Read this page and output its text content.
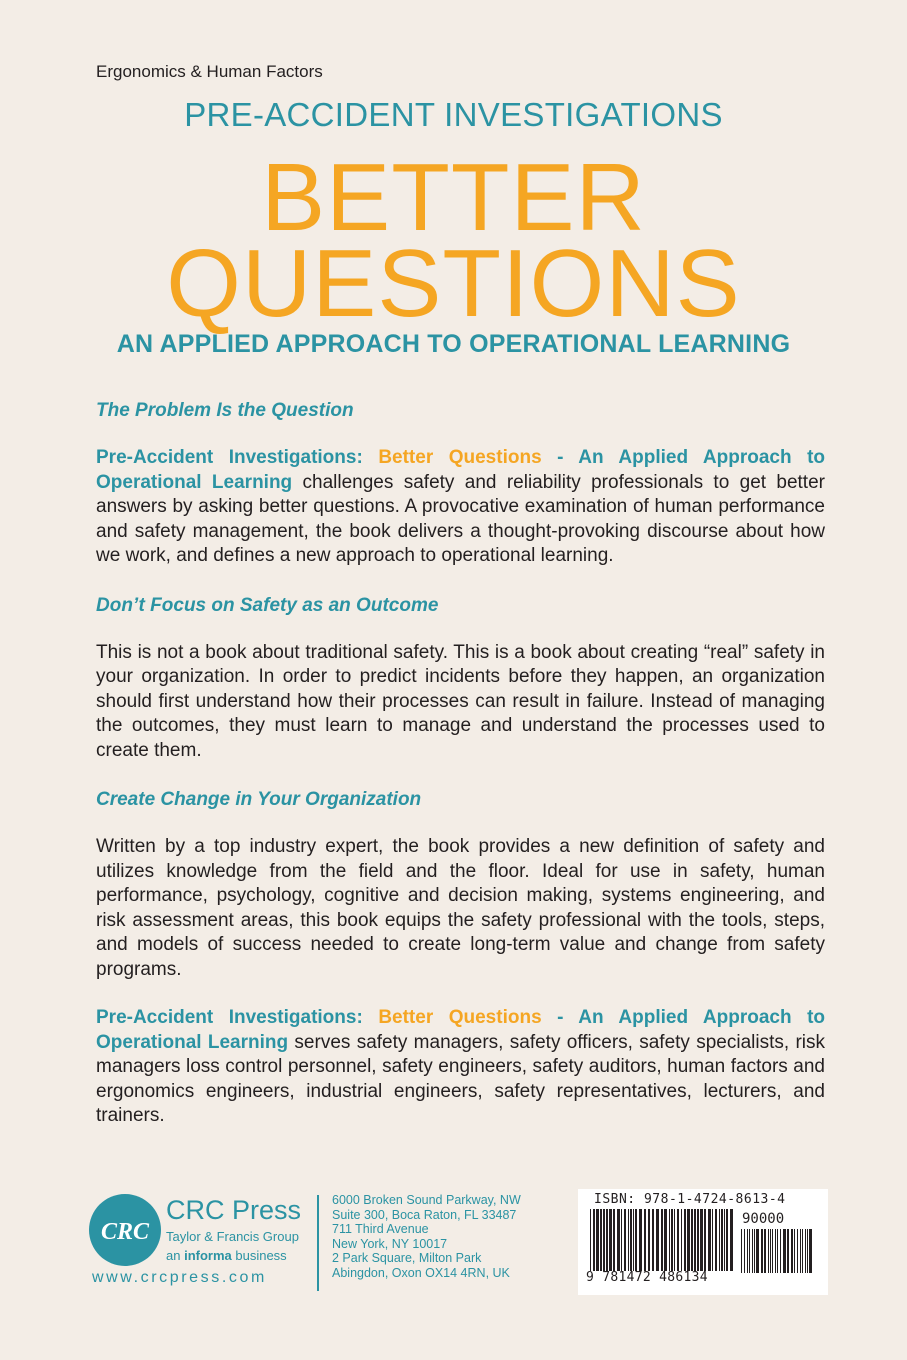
Ergonomics & Human Factors
PRE-ACCIDENT INVESTIGATIONS
BETTER
QUESTIONS
AN APPLIED APPROACH TO OPERATIONAL LEARNING
The Problem Is the Question
Pre-Accident Investigations: Better Questions - An Applied Approach to Operational Learning challenges safety and reliability professionals to get better answers by asking better questions. A provocative examination of human performance and safety management, the book delivers a thought-provoking discourse about how we work, and defines a new approach to operational learning.
Don’t Focus on Safety as an Outcome
This is not a book about traditional safety. This is a book about creating “real” safety in your organization. In order to predict incidents before they happen, an organization should first understand how their processes can result in failure. Instead of managing the outcomes, they must learn to manage and understand the processes used to create them.
Create Change in Your Organization
Written by a top industry expert, the book provides a new definition of safety and utilizes knowledge from the field and the floor. Ideal for use in safety, human performance, psychology, cognitive and decision making, systems engineering, and risk assessment areas, this book equips the safety professional with the tools, steps, and models of success needed to create long-term value and change from safety programs.
Pre-Accident Investigations: Better Questions - An Applied Approach to Operational Learning serves safety managers, safety officers, safety specialists, risk managers loss control personnel, safety engineers, safety auditors, human factors and ergonomics engineers, industrial engineers, safety representatives, lecturers, and trainers.
CRC
CRC Press
Taylor & Francis Group
an informa business
www.crcpress.com
6000 Broken Sound Parkway, NW
Suite 300, Boca Raton, FL 33487
711 Third Avenue
New York, NY 10017
2 Park Square, Milton Park
Abingdon, Oxon OX14 4RN, UK
ISBN: 978-1-4724-8613-4
90000
9 781472 486134
